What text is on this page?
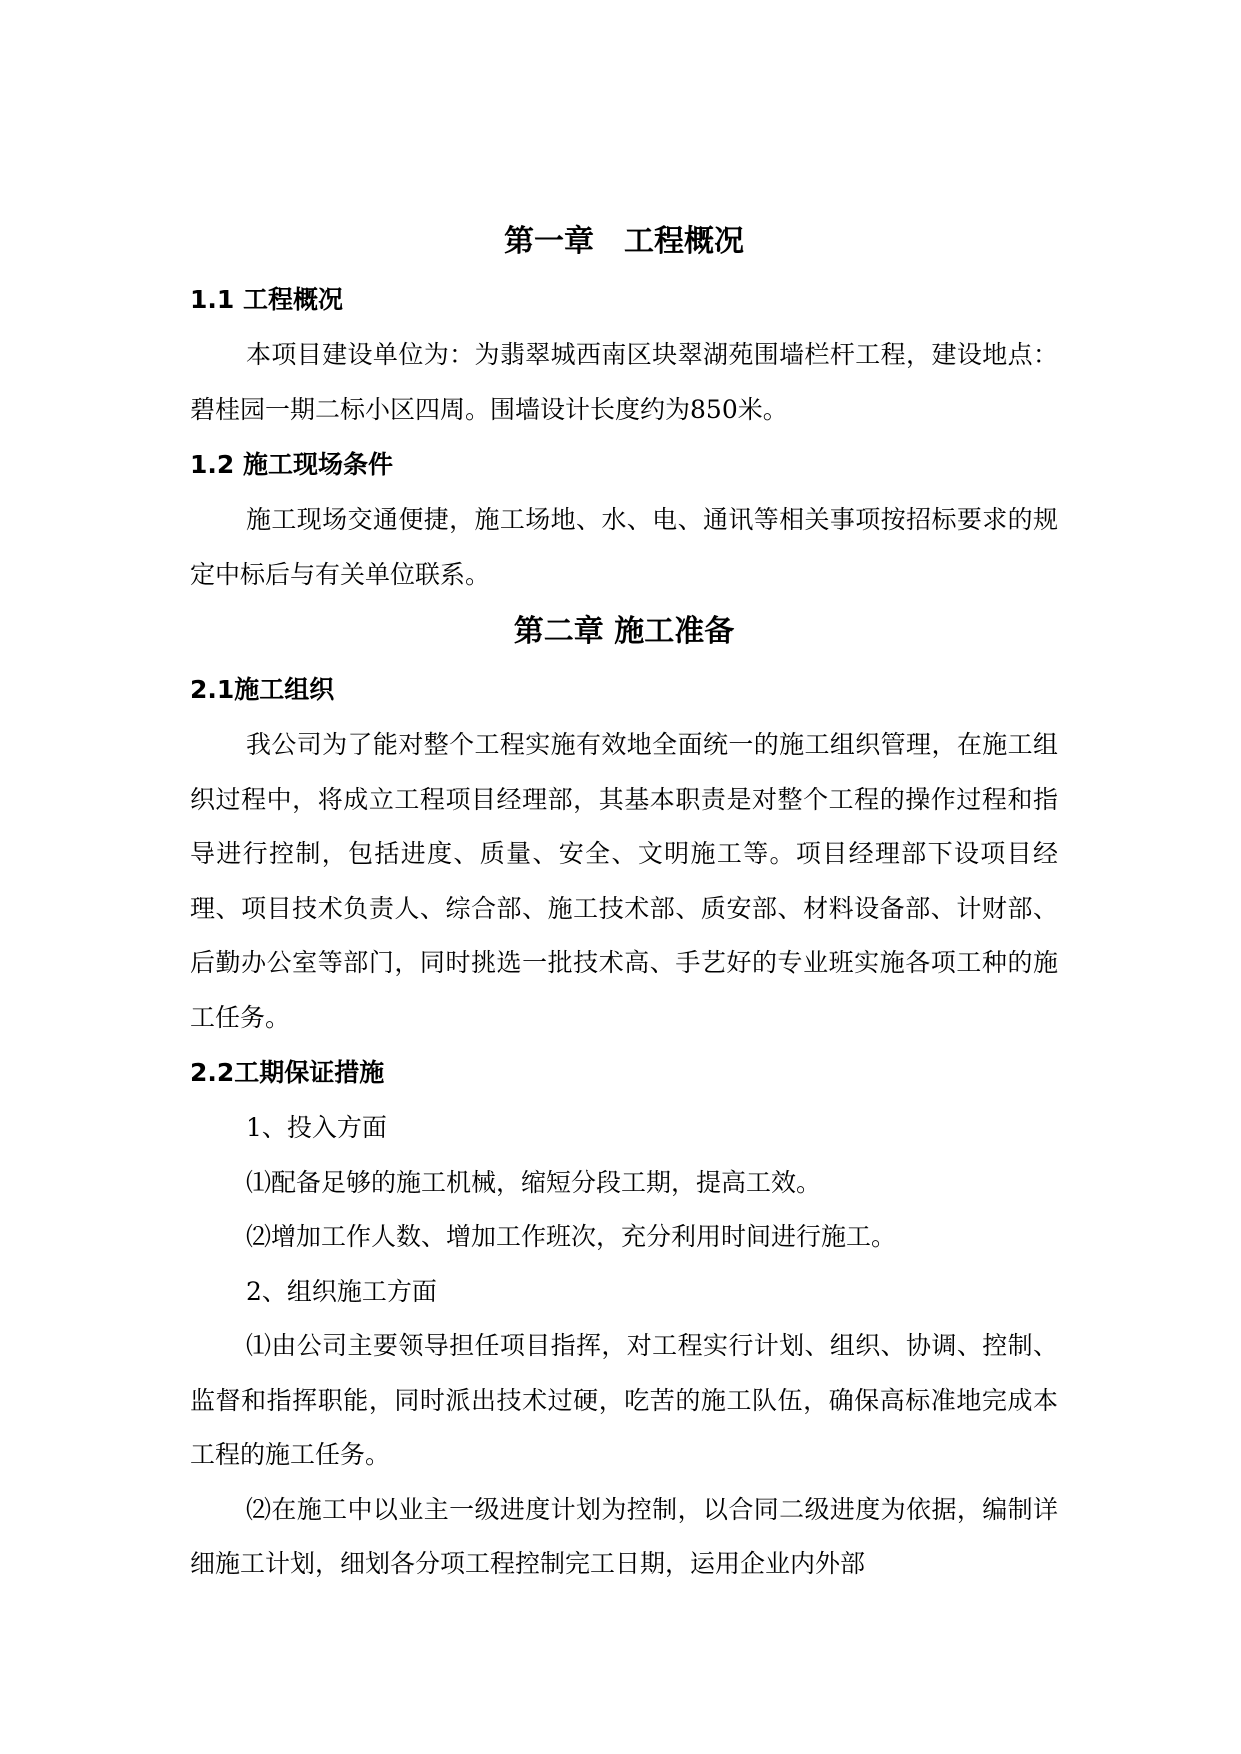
第一章　工程概况
1.1 工程概况

本项目建设单位为：为翡翠城西南区块翠湖苑围墙栏杆工程，建设地点：碧桂园一期二标小区四周。围墙设计长度约为850米。

1.2 施工现场条件

施工现场交通便捷，施工场地、水、电、通讯等相关事项按招标要求的规定中标后与有关单位联系。

第二章 施工准备
2.1施工组织

我公司为了能对整个工程实施有效地全面统一的施工组织管理，在施工组织过程中，将成立工程项目经理部，其基本职责是对整个工程的操作过程和指导进行控制，包括进度、质量、安全、文明施工等。项目经理部下设项目经理、项目技术负责人、综合部、施工技术部、质安部、材料设备部、计财部、后勤办公室等部门，同时挑选一批技术高、手艺好的专业班实施各项工种的施工任务。

2.2工期保证措施

1、投入方面

⑴配备足够的施工机械，缩短分段工期，提高工效。

⑵增加工作人数、增加工作班次，充分利用时间进行施工。

2、组织施工方面

⑴由公司主要领导担任项目指挥，对工程实行计划、组织、协调、控制、监督和指挥职能，同时派出技术过硬，吃苦的施工队伍，确保高标准地完成本工程的施工任务。

⑵在施工中以业主一级进度计划为控制，以合同二级进度为依据，编制详细施工计划，细划各分项工程控制完工日期，运用企业内外部
